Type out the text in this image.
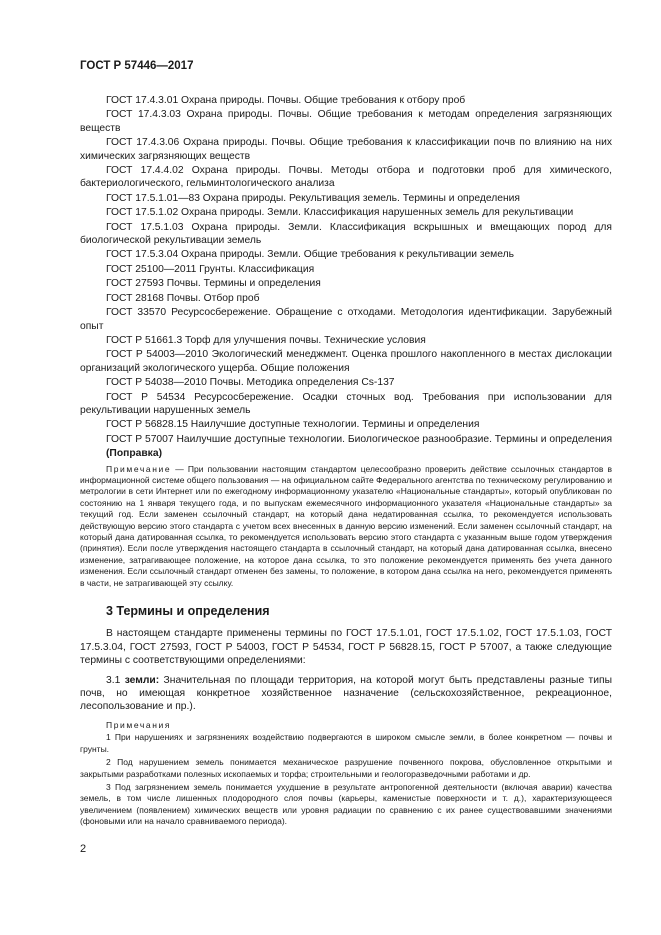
ГОСТ Р 57446—2017
ГОСТ 17.4.3.01 Охрана природы. Почвы. Общие требования к отбору проб
ГОСТ 17.4.3.03 Охрана природы. Почвы. Общие требования к методам определения загрязняющих веществ
ГОСТ 17.4.3.06 Охрана природы. Почвы. Общие требования к классификации почв по влиянию на них химических загрязняющих веществ
ГОСТ 17.4.4.02 Охрана природы. Почвы. Методы отбора и подготовки проб для химического, бактериологического, гельминтологического анализа
ГОСТ 17.5.1.01—83 Охрана природы. Рекультивация земель. Термины и определения
ГОСТ 17.5.1.02 Охрана природы. Земли. Классификация нарушенных земель для рекультивации
ГОСТ 17.5.1.03 Охрана природы. Земли. Классификация вскрышных и вмещающих пород для биологической рекультивации земель
ГОСТ 17.5.3.04 Охрана природы. Земли. Общие требования к рекультивации земель
ГОСТ 25100—2011 Грунты. Классификация
ГОСТ 27593 Почвы. Термины и определения
ГОСТ 28168 Почвы. Отбор проб
ГОСТ 33570 Ресурсосбережение. Обращение с отходами. Методология идентификации. Зарубежный опыт
ГОСТ Р 51661.3 Торф для улучшения почвы. Технические условия
ГОСТ Р 54003—2010 Экологический менеджмент. Оценка прошлого накопленного в местах дислокации организаций экологического ущерба. Общие положения
ГОСТ Р 54038—2010 Почвы. Методика определения Cs-137
ГОСТ Р 54534 Ресурсосбережение. Осадки сточных вод. Требования при использовании для рекультивации нарушенных земель
ГОСТ Р 56828.15 Наилучшие доступные технологии. Термины и определения
ГОСТ Р 57007 Наилучшие доступные технологии. Биологическое разнообразие. Термины и определения
(Поправка)
Примечание — При пользовании настоящим стандартом целесообразно проверить действие ссылочных стандартов в информационной системе общего пользования — на официальном сайте Федерального агентства по техническому регулированию и метрологии в сети Интернет или по ежегодному информационному указателю «Национальные стандарты», который опубликован по состоянию на 1 января текущего года, и по выпускам ежемесячного информационного указателя «Национальные стандарты» за текущий год. Если заменен ссылочный стандарт, на который дана недатированная ссылка, то рекомендуется использовать действующую версию этого стандарта с учетом всех внесенных в данную версию изменений. Если заменен ссылочный стандарт, на который дана датированная ссылка, то рекомендуется использовать версию этого стандарта с указанным выше годом утверждения (принятия). Если после утверждения настоящего стандарта в ссылочный стандарт, на который дана датированная ссылка, внесено изменение, затрагивающее положение, на которое дана ссылка, то это положение рекомендуется применять без учета данного изменения. Если ссылочный стандарт отменен без замены, то положение, в котором дана ссылка на него, рекомендуется применять в части, не затрагивающей эту ссылку.
3 Термины и определения
В настоящем стандарте применены термины по ГОСТ 17.5.1.01, ГОСТ 17.5.1.02, ГОСТ 17.5.1.03, ГОСТ 17.5.3.04, ГОСТ 27593, ГОСТ Р 54003, ГОСТ Р 54534, ГОСТ Р 56828.15, ГОСТ Р 57007, а также следующие термины с соответствующими определениями:
3.1 земли: Значительная по площади территория, на которой могут быть представлены разные типы почв, но имеющая конкретное хозяйственное назначение (сельскохозяйственное, рекреационное, лесопользование и пр.).
Примечания
1 При нарушениях и загрязнениях воздействию подвергаются в широком смысле земли, в более конкретном — почвы и грунты.
2 Под нарушением земель понимается механическое разрушение почвенного покрова, обусловленное открытыми и закрытыми разработками полезных ископаемых и торфа; строительными и геологоразведочными работами и др.
3 Под загрязнением земель понимается ухудшение в результате антропогенной деятельности (включая аварии) качества земель, в том числе лишенных плодородного слоя почвы (карьеры, каменистые поверхности и т. д.), характеризующееся увеличением (появлением) химических веществ или уровня радиации по сравнению с их ранее существовавшими значениями (фоновыми или на начало сравниваемого периода).
2
